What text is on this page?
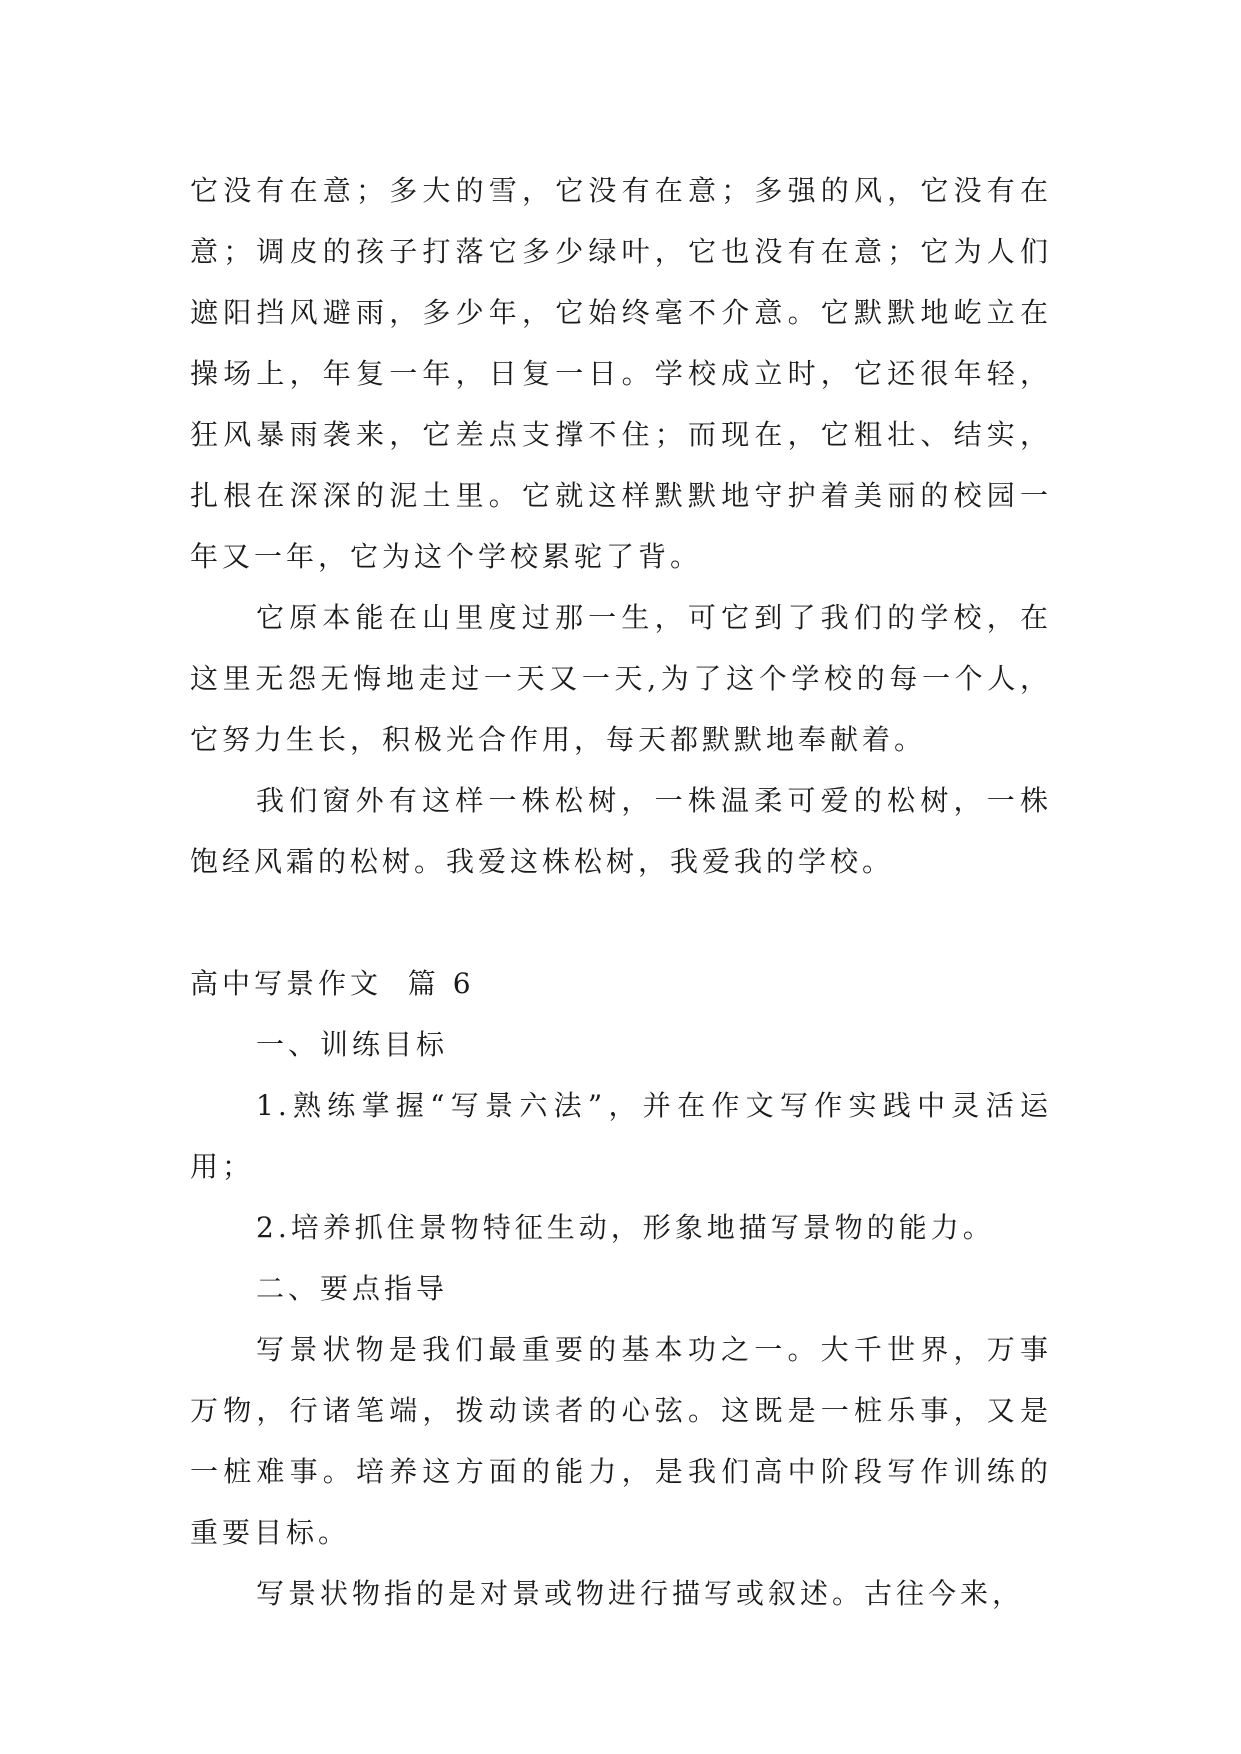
它没有在意；多大的雪，它没有在意；多强的风，它没有在意；调皮的孩子打落它多少绿叶，它也没有在意；它为人们遮阳挡风避雨，多少年，它始终毫不介意。它默默地屹立在操场上，年复一年，日复一日。学校成立时，它还很年轻，狂风暴雨袭来，它差点支撑不住；而现在，它粗壮、结实，扎根在深深的泥土里。它就这样默默地守护着美丽的校园一年又一年，它为这个学校累驼了背。

它原本能在山里度过那一生，可它到了我们的学校，在这里无怨无悔地走过一天又一天,为了这个学校的每一个人，它努力生长，积极光合作用，每天都默默地奉献着。

我们窗外有这样一株松树，一株温柔可爱的松树，一株饱经风霜的松树。我爱这株松树，我爱我的学校。

高中写景作文  篇 6

一、训练目标

1.熟练掌握“写景六法”，并在作文写作实践中灵活运用；

2.培养抓住景物特征生动，形象地描写景物的能力。

二、要点指导

写景状物是我们最重要的基本功之一。大千世界，万事万物，行诸笔端，拨动读者的心弦。这既是一桩乐事，又是一桩难事。培养这方面的能力，是我们高中阶段写作训练的重要目标。

写景状物指的是对景或物进行描写或叙述。古往今来，
